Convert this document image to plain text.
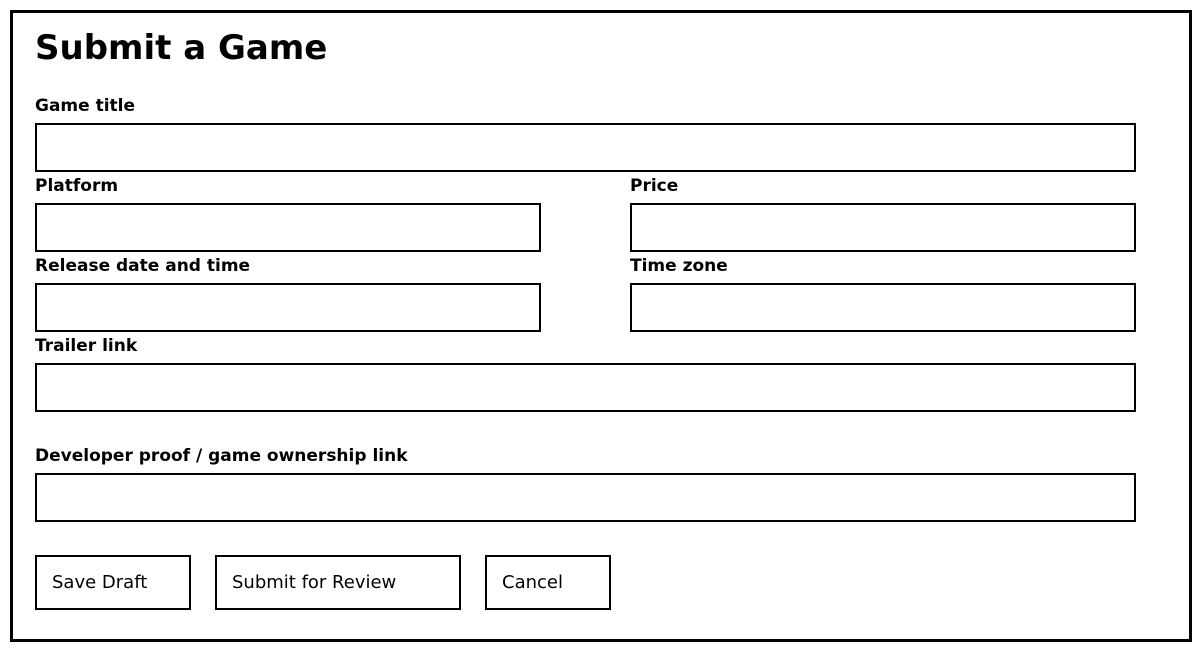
Submit a Game
Game title
Platform	Price
Release date and time	Time zone
Trailer link
Developer proof / game ownership link
Save Draft	Submit for Review	Cancel
